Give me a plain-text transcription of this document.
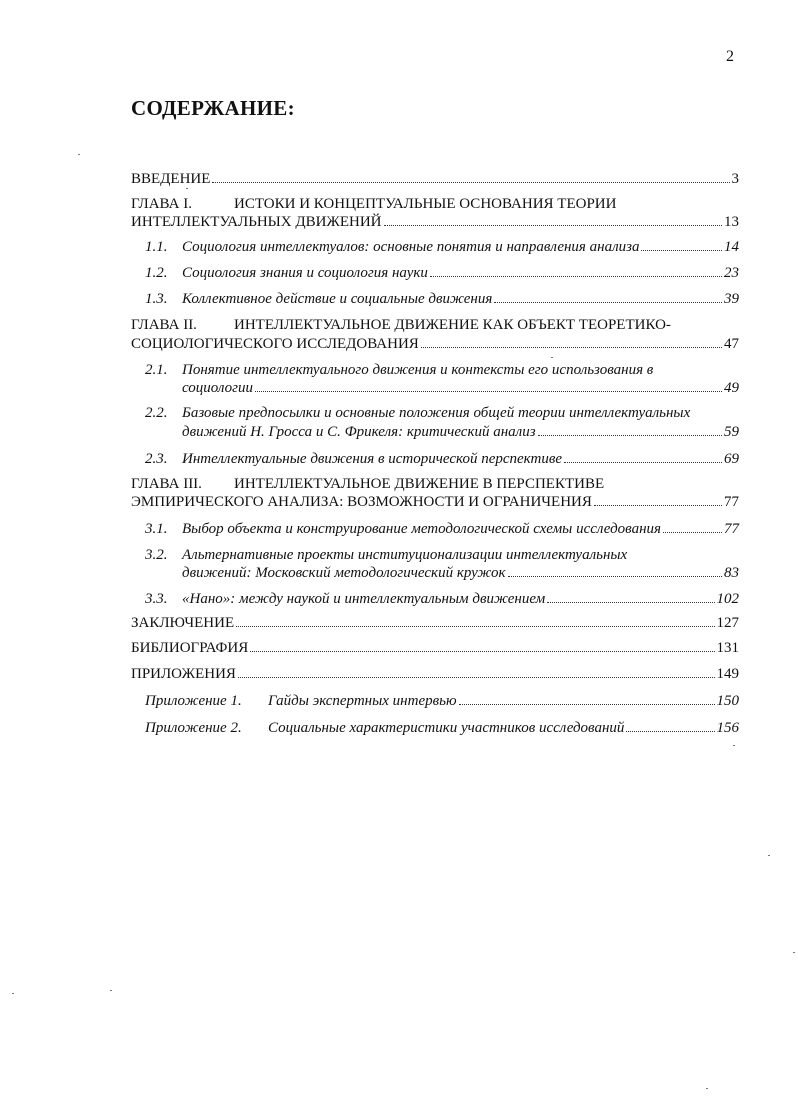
2
СОДЕРЖАНИЕ:
ВВЕДЕНИЕ	3
ГЛАВА I.	ИСТОКИ И КОНЦЕПТУАЛЬНЫЕ ОСНОВАНИЯ ТЕОРИИ
ИНТЕЛЛЕКТУАЛЬНЫХ ДВИЖЕНИЙ	13
1.1. Социология интеллектуалов: основные понятия и направления анализа	14
1.2. Социология знания и социология науки	23
1.3. Коллективное действие и социальные движения	39
ГЛАВА II. ИНТЕЛЛЕКТУАЛЬНОЕ ДВИЖЕНИЕ КАК ОБЪЕКТ ТЕОРЕТИКО-
СОЦИОЛОГИЧЕСКОГО ИССЛЕДОВАНИЯ	47
2.1. Понятие интеллектуального движения и контексты его использования в
социологии	49
2.2. Базовые предпосылки и основные положения общей теории интеллектуальных
движений Н. Гросса и С. Фрикеля: критический анализ	59
2.3. Интеллектуальные движения в исторической перспективе	69
ГЛАВА III. ИНТЕЛЛЕКТУАЛЬНОЕ ДВИЖЕНИЕ В ПЕРСПЕКТИВЕ
ЭМПИРИЧЕСКОГО АНАЛИЗА: ВОЗМОЖНОСТИ И ОГРАНИЧЕНИЯ	77
3.1. Выбор объекта и конструирование методологической схемы исследования	77
3.2. Альтернативные проекты институционализации интеллектуальных
движений: Московский методологический кружок	83
3.3. «Нано»: между наукой и интеллектуальным движением	102
ЗАКЛЮЧЕНИЕ	127
БИБЛИОГРАФИЯ	131
ПРИЛОЖЕНИЯ	149
Приложение 1.	Гайды экспертных интервью	150
Приложение 2.	Социальные характеристики участников исследований	156
